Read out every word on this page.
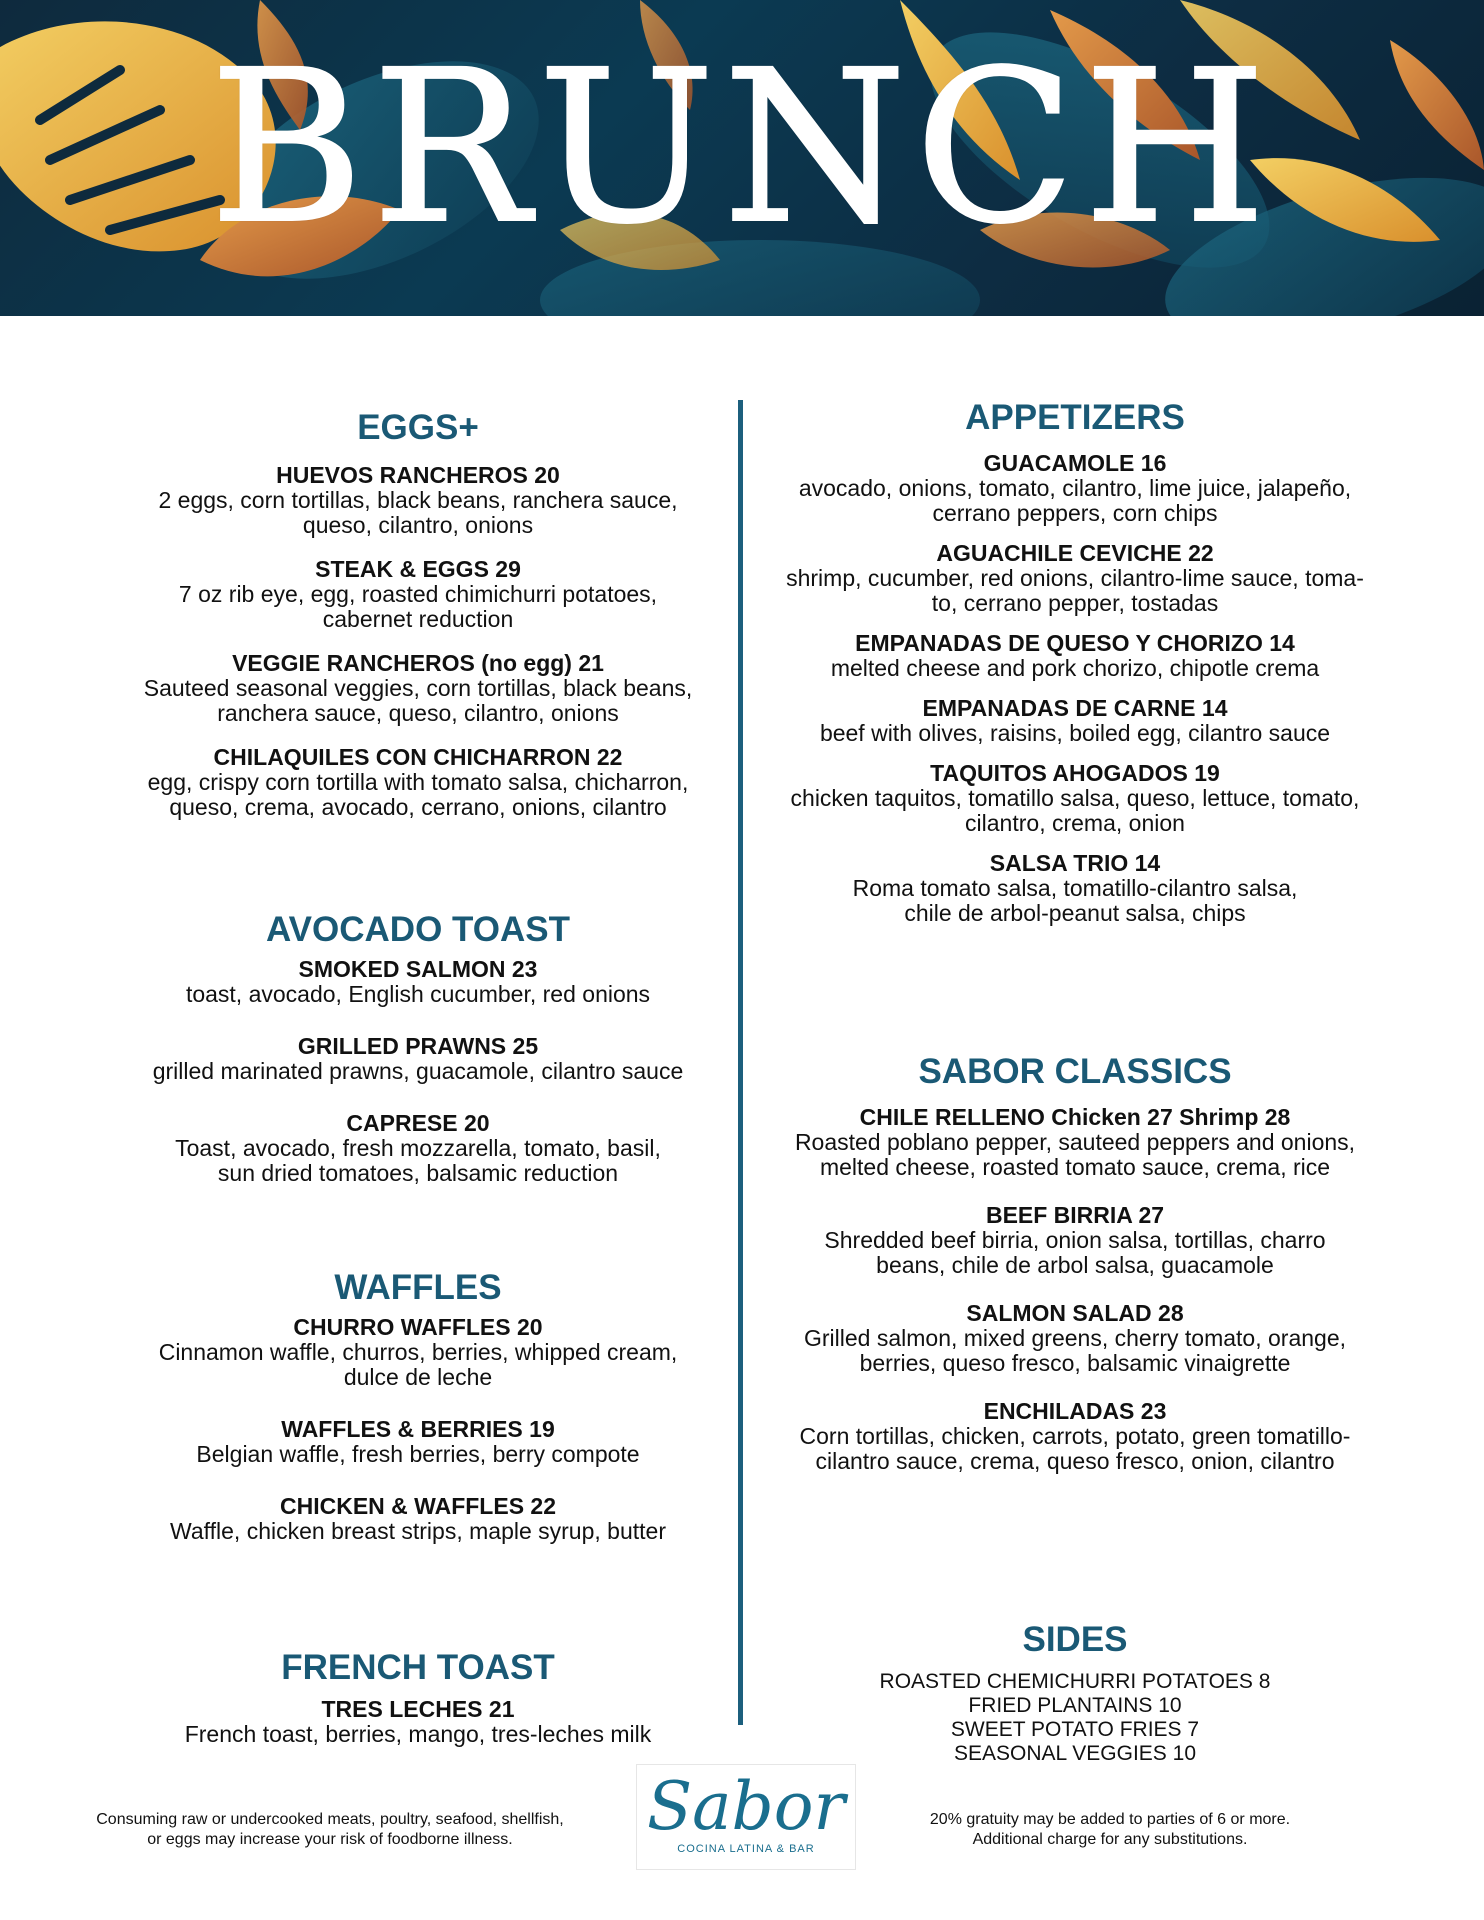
BRUNCH
EGGS+
HUEVOS RANCHEROS 20
2 eggs, corn tortillas, black beans, ranchera sauce,
queso, cilantro, onions
STEAK & EGGS 29
7 oz rib eye, egg, roasted chimichurri potatoes,
cabernet reduction
VEGGIE RANCHEROS (no egg) 21
Sauteed seasonal veggies, corn tortillas, black beans,
ranchera sauce, queso, cilantro, onions
CHILAQUILES CON CHICHARRON 22
egg, crispy corn tortilla with tomato salsa, chicharron,
queso, crema, avocado, cerrano, onions, cilantro
AVOCADO TOAST
SMOKED SALMON 23
toast, avocado, English cucumber, red onions
GRILLED PRAWNS 25
grilled marinated prawns, guacamole, cilantro sauce
CAPRESE 20
Toast, avocado, fresh mozzarella, tomato, basil,
sun dried tomatoes, balsamic reduction
WAFFLES
CHURRO WAFFLES 20
Cinnamon waffle, churros, berries, whipped cream,
dulce de leche
WAFFLES & BERRIES 19
Belgian waffle, fresh berries, berry compote
CHICKEN & WAFFLES 22
Waffle, chicken breast strips, maple syrup, butter
FRENCH TOAST
TRES LECHES 21
French toast, berries, mango, tres-leches milk
APPETIZERS
GUACAMOLE 16
avocado, onions, tomato, cilantro, lime juice, jalapeño,
cerrano peppers, corn chips
AGUACHILE CEVICHE 22
shrimp, cucumber, red onions, cilantro-lime sauce, toma-
to, cerrano pepper, tostadas
EMPANADAS DE QUESO Y CHORIZO 14
melted cheese and pork chorizo, chipotle crema
EMPANADAS DE CARNE 14
beef with olives, raisins, boiled egg, cilantro sauce
TAQUITOS AHOGADOS 19
chicken taquitos, tomatillo salsa, queso, lettuce, tomato,
cilantro, crema, onion
SALSA TRIO 14
Roma tomato salsa, tomatillo-cilantro salsa,
chile de arbol-peanut salsa, chips
SABOR CLASSICS
CHILE RELLENO Chicken 27 Shrimp 28
Roasted poblano pepper, sauteed peppers and onions,
melted cheese, roasted tomato sauce, crema, rice
BEEF BIRRIA 27
Shredded beef birria, onion salsa, tortillas, charro
beans, chile de arbol salsa, guacamole
SALMON SALAD 28
Grilled salmon, mixed greens, cherry tomato, orange,
berries, queso fresco, balsamic vinaigrette
ENCHILADAS 23
Corn tortillas, chicken, carrots, potato, green tomatillo-
cilantro sauce, crema, queso fresco, onion, cilantro
SIDES
ROASTED CHEMICHURRI POTATOES 8
FRIED PLANTAINS 10
SWEET POTATO FRIES 7
SEASONAL VEGGIES 10
Consuming raw or undercooked meats, poultry, seafood, shellfish,
or eggs may increase your risk of foodborne illness.	Sabor
COCINA LATINA & BAR
20% gratuity may be added to parties of 6 or more.
Additional charge for any substitutions.
